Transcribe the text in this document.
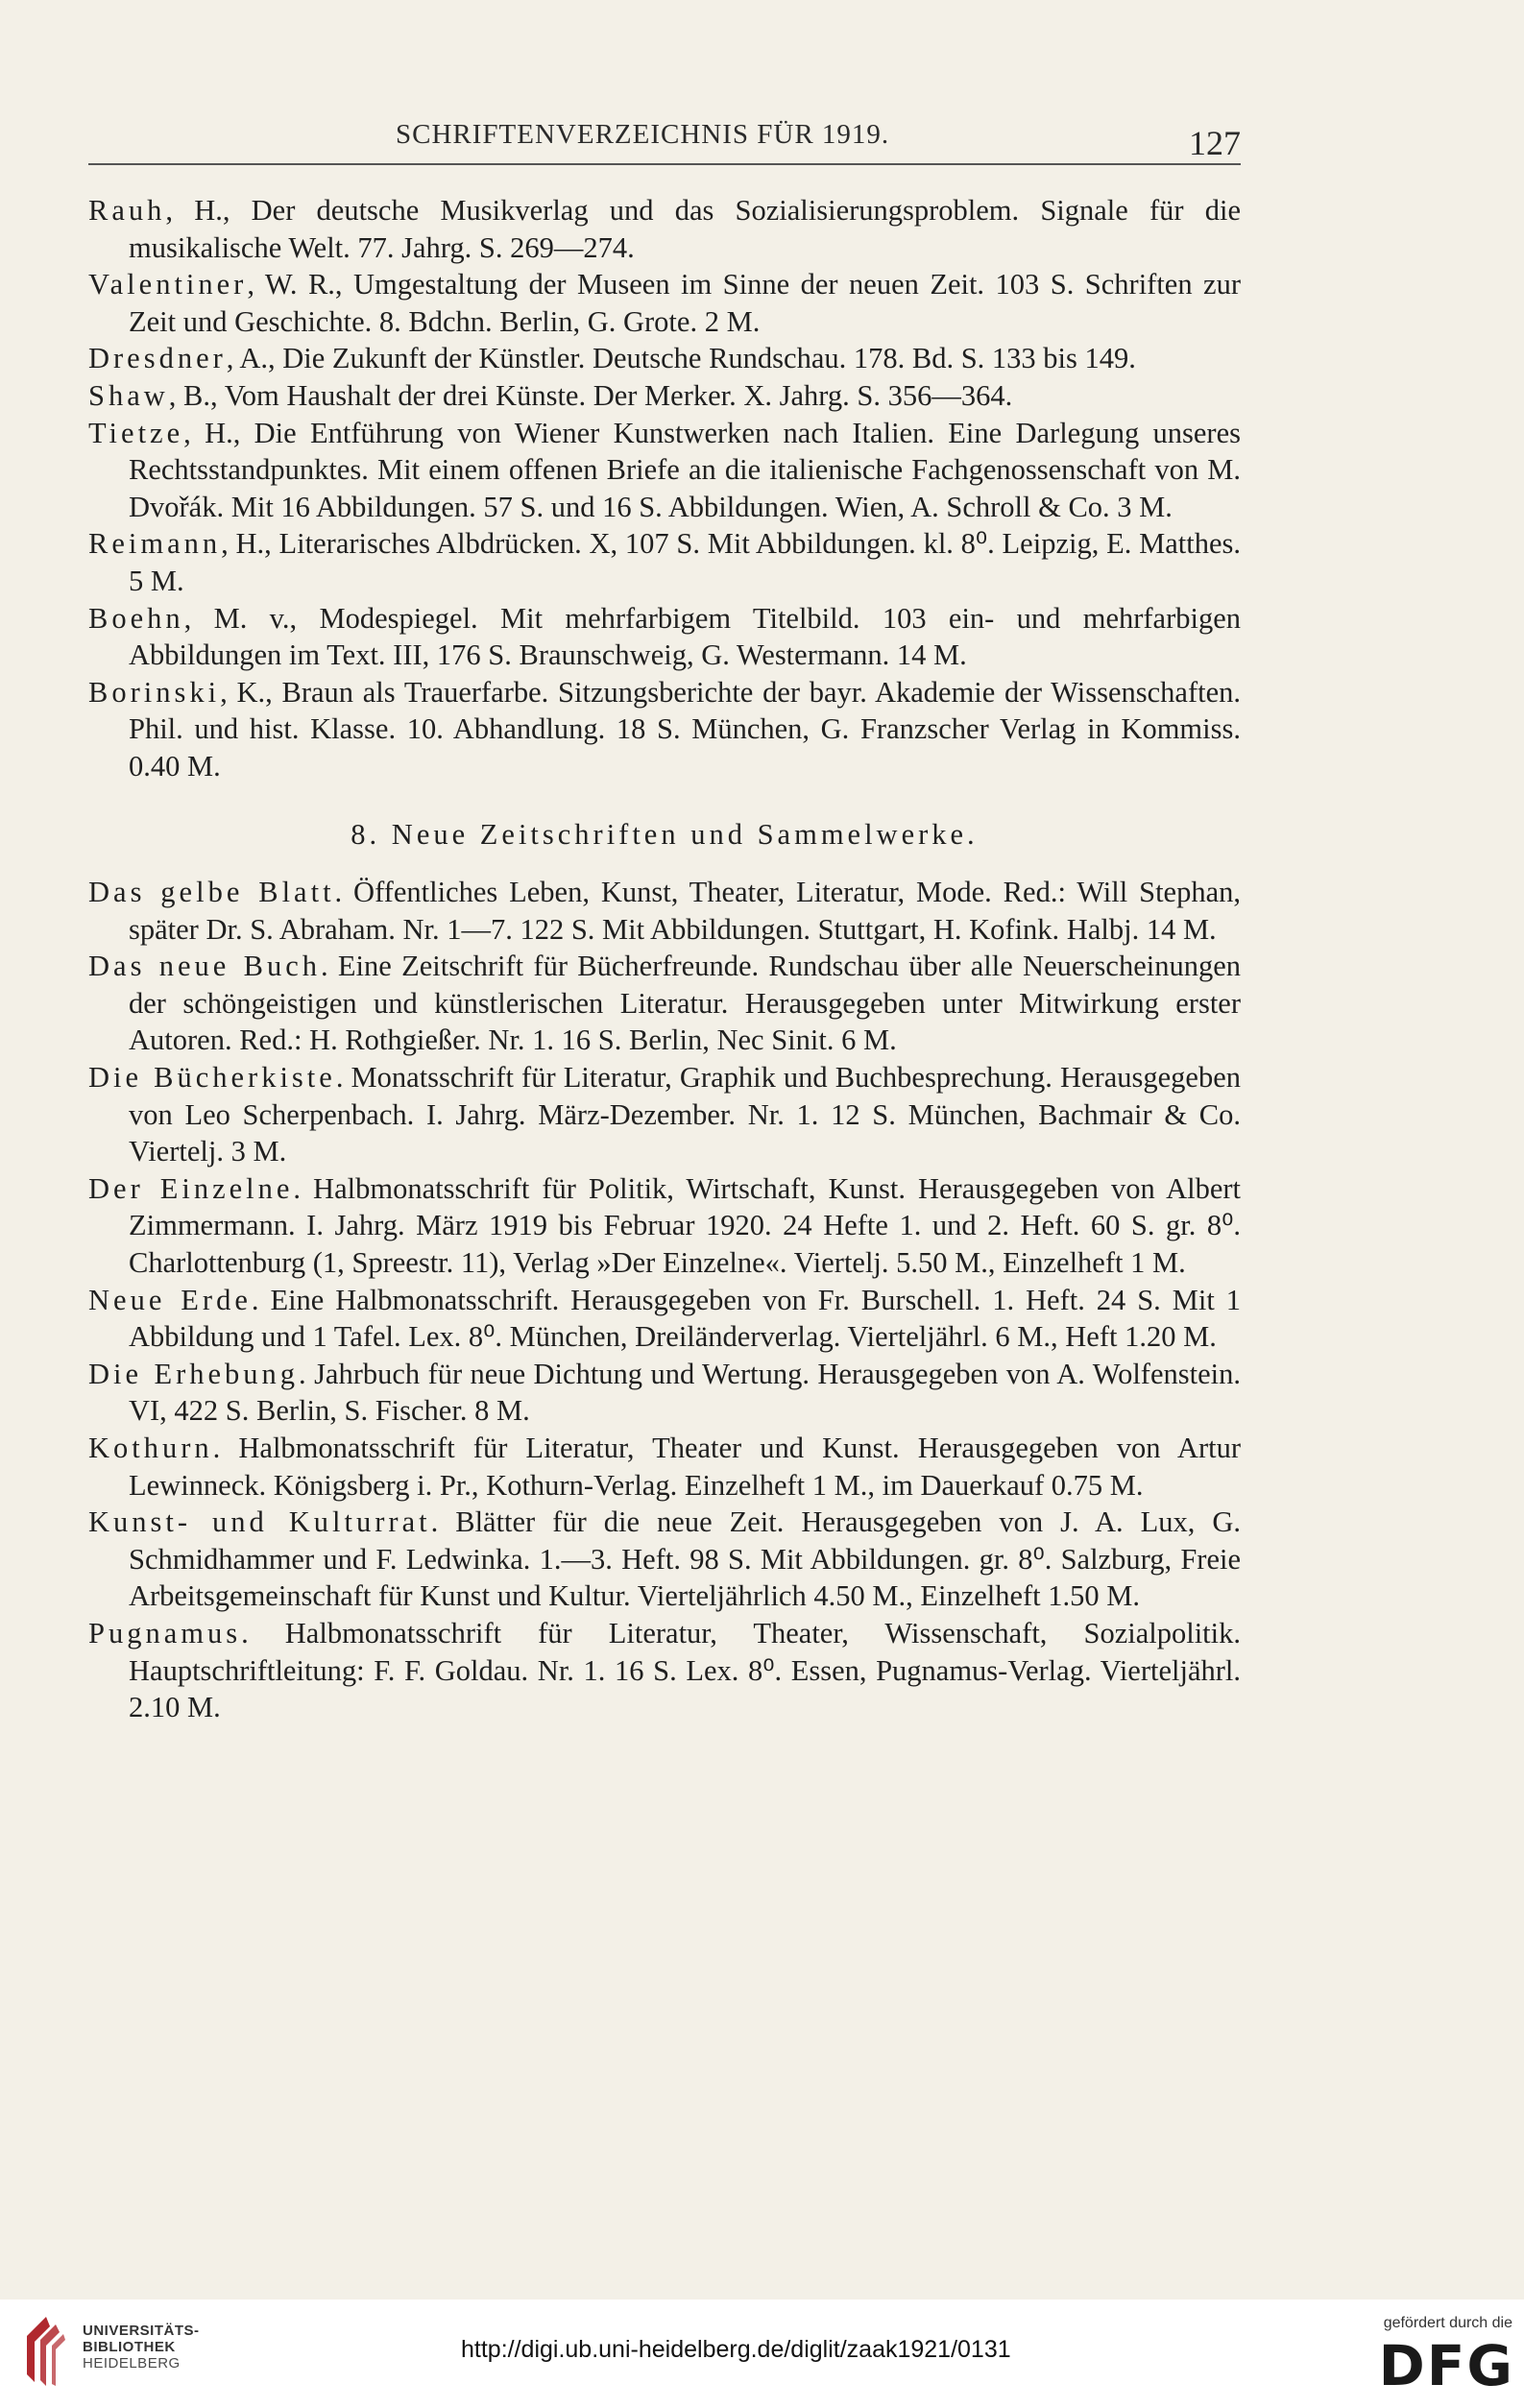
SCHRIFTENVERZEICHNIS FÜR 1919.	127
Rauh, H., Der deutsche Musikverlag und das Sozialisierungsproblem. Signale für die musikalische Welt. 77. Jahrg. S. 269—274.
Valentiner, W. R., Umgestaltung der Museen im Sinne der neuen Zeit. 103 S. Schriften zur Zeit und Geschichte. 8. Bdchn. Berlin, G. Grote. 2 M.
Dresdner, A., Die Zukunft der Künstler. Deutsche Rundschau. 178. Bd. S. 133 bis 149.
Shaw, B., Vom Haushalt der drei Künste. Der Merker. X. Jahrg. S. 356—364.
Tietze, H., Die Entführung von Wiener Kunstwerken nach Italien. Eine Darlegung unseres Rechtsstandpunktes. Mit einem offenen Briefe an die italienische Fachgenossenschaft von M. Dvořák. Mit 16 Abbildungen. 57 S. und 16 S. Abbildungen. Wien, A. Schroll & Co. 3 M.
Reimann, H., Literarisches Albdrücken. X, 107 S. Mit Abbildungen. kl. 8⁰. Leipzig, E. Matthes. 5 M.
Boehn, M. v., Modespiegel. Mit mehrfarbigem Titelbild. 103 ein- und mehrfarbigen Abbildungen im Text. III, 176 S. Braunschweig, G. Westermann. 14 M.
Borinski, K., Braun als Trauerfarbe. Sitzungsberichte der bayr. Akademie der Wissenschaften. Phil. und hist. Klasse. 10. Abhandlung. 18 S. München, G. Franzscher Verlag in Kommiss. 0.40 M.
8. Neue Zeitschriften und Sammelwerke.
Das gelbe Blatt. Öffentliches Leben, Kunst, Theater, Literatur, Mode. Red.: Will Stephan, später Dr. S. Abraham. Nr. 1—7. 122 S. Mit Abbildungen. Stuttgart, H. Kofink. Halbj. 14 M.
Das neue Buch. Eine Zeitschrift für Bücherfreunde. Rundschau über alle Neuerscheinungen der schöngeistigen und künstlerischen Literatur. Herausgegeben unter Mitwirkung erster Autoren. Red.: H. Rothgießer. Nr. 1. 16 S. Berlin, Nec Sinit. 6 M.
Die Bücherkiste. Monatsschrift für Literatur, Graphik und Buchbesprechung. Herausgegeben von Leo Scherpenbach. I. Jahrg. März-Dezember. Nr. 1. 12 S. München, Bachmair & Co. Viertelj. 3 M.
Der Einzelne. Halbmonatsschrift für Politik, Wirtschaft, Kunst. Herausgegeben von Albert Zimmermann. I. Jahrg. März 1919 bis Februar 1920. 24 Hefte 1. und 2. Heft. 60 S. gr. 8⁰. Charlottenburg (1, Spreestr. 11), Verlag »Der Einzelne«. Viertelj. 5.50 M., Einzelheft 1 M.
Neue Erde. Eine Halbmonatsschrift. Herausgegeben von Fr. Burschell. 1. Heft. 24 S. Mit 1 Abbildung und 1 Tafel. Lex. 8⁰. München, Dreiländerverlag. Vierteljährl. 6 M., Heft 1.20 M.
Die Erhebung. Jahrbuch für neue Dichtung und Wertung. Herausgegeben von A. Wolfenstein. VI, 422 S. Berlin, S. Fischer. 8 M.
Kothurn. Halbmonatsschrift für Literatur, Theater und Kunst. Herausgegeben von Artur Lewinneck. Königsberg i. Pr., Kothurn-Verlag. Einzelheft 1 M., im Dauerkauf 0.75 M.
Kunst- und Kulturrat. Blätter für die neue Zeit. Herausgegeben von J. A. Lux, G. Schmidhammer und F. Ledwinka. 1.—3. Heft. 98 S. Mit Abbildungen. gr. 8⁰. Salzburg, Freie Arbeitsgemeinschaft für Kunst und Kultur. Vierteljährlich 4.50 M., Einzelheft 1.50 M.
Pugnamus. Halbmonatsschrift für Literatur, Theater, Wissenschaft, Sozialpolitik. Hauptschriftleitung: F. F. Goldau. Nr. 1. 16 S. Lex. 8⁰. Essen, Pugnamus-Verlag. Vierteljährl. 2.10 M.
UNIVERSITÄTS-
BIBLIOTHEK
HEIDELBERG
http://digi.ub.uni-heidelberg.de/diglit/zaak1921/0131
gefördert durch die
DFG
